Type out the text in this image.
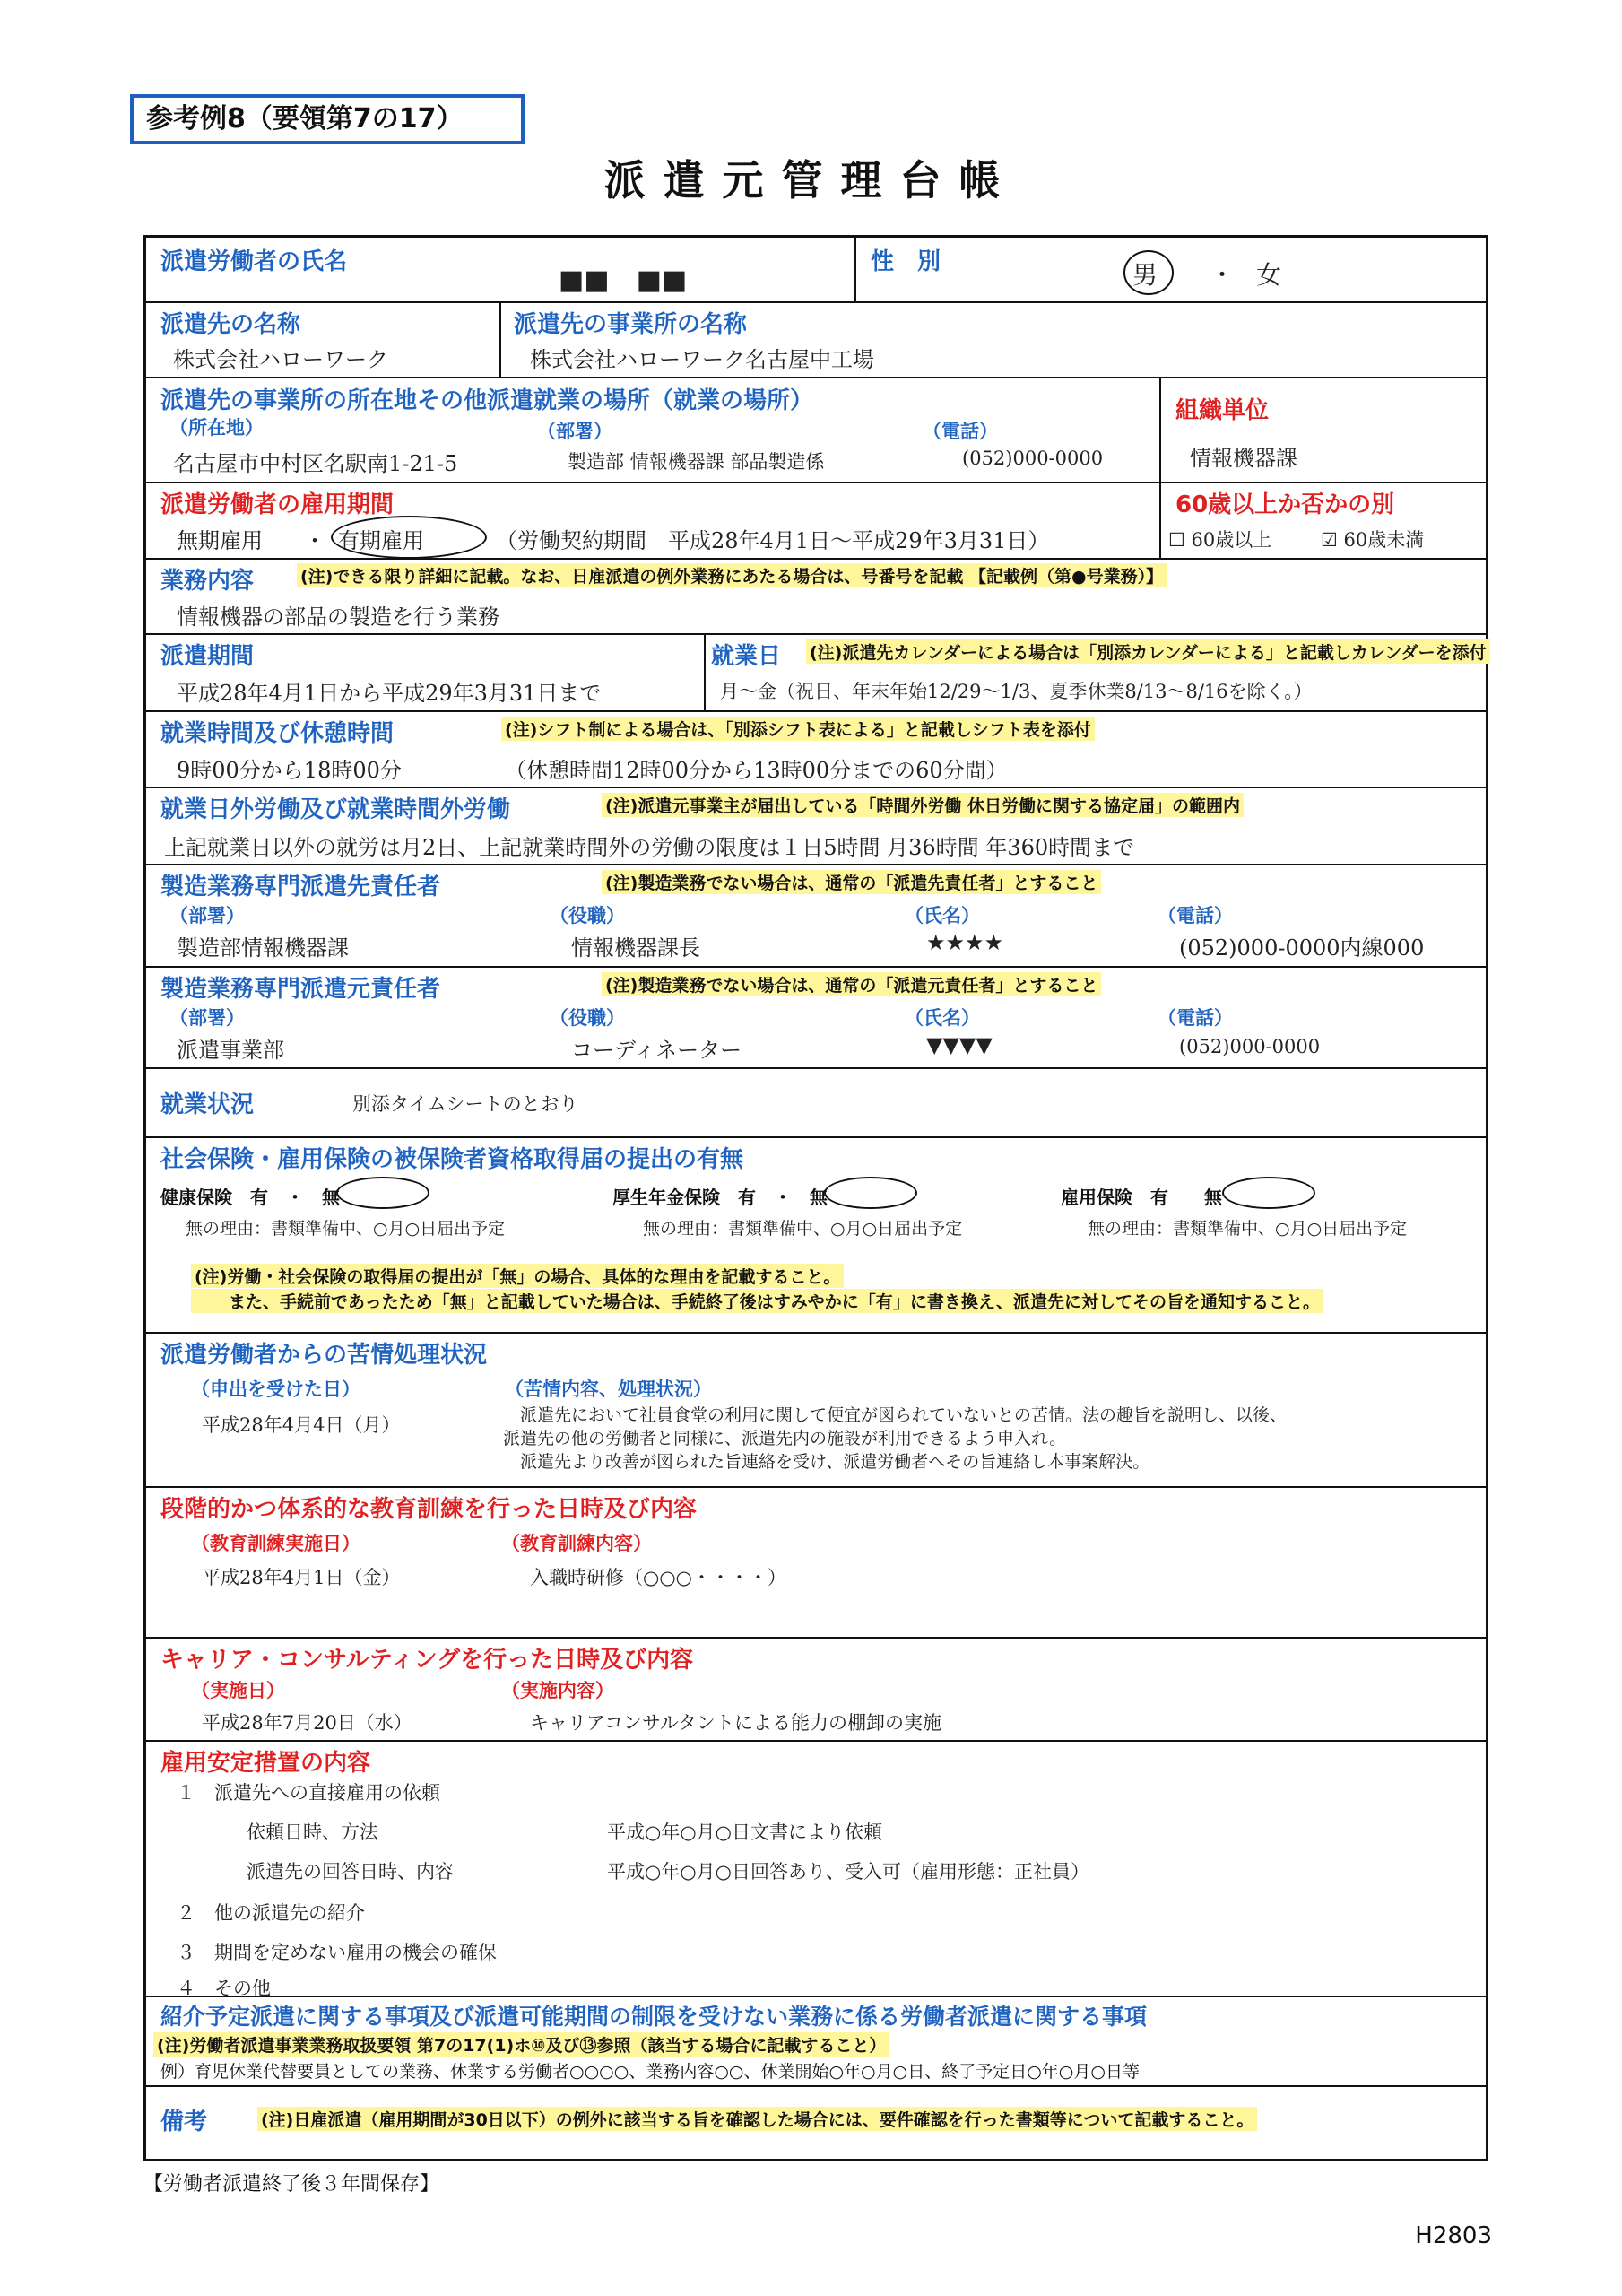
参考例8（要領第7の17）
派遣元管理台帳
派遣労働者の氏名
■■　■■
性　別	男 ・ 女
派遣先の名称
株式会社ハローワーク
派遣先の事業所の名称
株式会社ハローワーク名古屋中工場
派遣先の事業所の所在地その他派遣就業の場所（就業の場所）
（所在地）
名古屋市中村区名駅南1-21-5
（部署）
製造部 情報機器課 部品製造係
（電話）
(052)000-0000
組織単位
情報機器課
派遣労働者の雇用期間
無期雇用 ・ 有期雇用	（労働契約期間　平成28年4月1日～平成29年3月31日）
60歳以上か否かの別
☐ 60歳以上	☑ 60歳未満
業務内容	(注)できる限り詳細に記載。なお、日雇派遣の例外業務にあたる場合は、号番号を記載 【記載例（第●号業務）】
情報機器の部品の製造を行う業務
派遣期間
平成28年4月1日から平成29年3月31日まで
就業日 (注)派遣先カレンダーによる場合は「別添カレンダーによる」と記載しカレンダーを添付
月～金（祝日、年末年始12/29～1/3、夏季休業8/13～8/16を除く。）
就業時間及び休憩時間	(注)シフト制による場合は、「別添シフト表による」と記載しシフト表を添付
9時00分から18時00分	（休憩時間12時00分から13時00分までの60分間）
就業日外労働及び就業時間外労働	(注)派遣元事業主が届出している「時間外労働 休日労働に関する協定届」の範囲内
上記就業日以外の就労は月2日、上記就業時間外の労働の限度は１日5時間 月36時間 年360時間まで
製造業務専門派遣先責任者	(注)製造業務でない場合は、通常の「派遣先責任者」とすること
（部署）
製造部情報機器課
（役職）
情報機器課長
（氏名）
★★★★
（電話）
(052)000-0000内線000
製造業務専門派遣元責任者	(注)製造業務でない場合は、通常の「派遣元責任者」とすること
（部署）
派遣事業部
（役職）
コーディネーター
（氏名）
▼▼▼▼
（電話）
(052)000-0000
就業状況	別添タイムシートのとおり
社会保険・雇用保険の被保険者資格取得届の提出の有無
健康保険　有　・　無	厚生年金保険　有　・　無	雇用保険　有　　無
無の理由：書類準備中、○月○日届出予定	無の理由：書類準備中、○月○日届出予定	無の理由：書類準備中、○月○日届出予定
(注)労働・社会保険の取得届の提出が「無」の場合、具体的な理由を記載すること。
　　また、手続前であったため「無」と記載していた場合は、手続終了後はすみやかに「有」に書き換え、派遣先に対してその旨を通知すること。
派遣労働者からの苦情処理状況
（申出を受けた日）
平成28年4月4日（月）
（苦情内容、処理状況）
　派遣先において社員食堂の利用に関して便宜が図られていないとの苦情。法の趣旨を説明し、以後、
派遣先の他の労働者と同様に、派遣先内の施設が利用できるよう申入れ。
　派遣先より改善が図られた旨連絡を受け、派遣労働者へその旨連絡し本事案解決。
段階的かつ体系的な教育訓練を行った日時及び内容
（教育訓練実施日）
平成28年4月1日（金）
（教育訓練内容）
入職時研修（○○○・・・・）
キャリア・コンサルティングを行った日時及び内容
（実施日）
平成28年7月20日（水）
（実施内容）
キャリアコンサルタントによる能力の棚卸の実施
雇用安定措置の内容
１　派遣先への直接雇用の依頼
依頼日時、方法	平成○年○月○日文書により依頼
派遣先の回答日時、内容	平成○年○月○日回答あり、受入可（雇用形態：正社員）
２　他の派遣先の紹介
３　期間を定めない雇用の機会の確保
４　その他
紹介予定派遣に関する事項及び派遣可能期間の制限を受けない業務に係る労働者派遣に関する事項
(注)労働者派遣事業業務取扱要領 第7の17(1)ホ⑩及び⑬参照（該当する場合に記載すること）
例）育児休業代替要員としての業務、休業する労働者○○○○、業務内容○○、休業開始○年○月○日、終了予定日○年○月○日等
備考	(注)日雇派遣（雇用期間が30日以下）の例外に該当する旨を確認した場合には、要件確認を行った書類等について記載すること。
【労働者派遣終了後３年間保存】
H2803
